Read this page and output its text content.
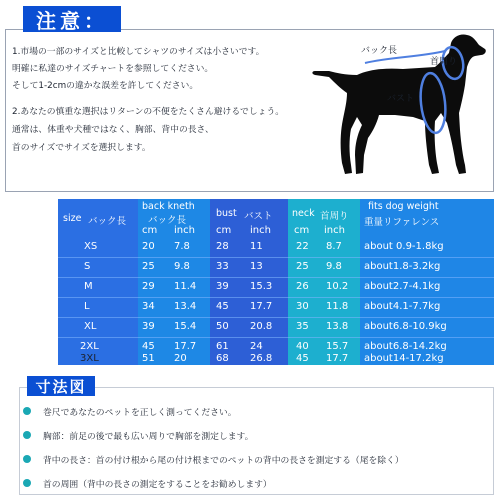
注意：
1.市場の一部のサイズと比較してシャツのサイズは小さいです。
明確に私達のサイズチャートを参照してください。
そして1-2cmの違かな誤差を許してください。
2.あなたの慎重な選択はリターンの不便をたくさん避けるでしょう。
通常は、体重や犬種ではなく、胸部、背中の長さ、
首のサイズでサイズを選択します。
バック長
首周り
バスト
size バック長
back kneth
バック長
bust バスト neck 首周り
fits dog weight
重量リファレンス
cm inch cm inch cm inch
XS	20 7.8	28 11	22 8.7 about 0.9-1.8kg
S	25 9.8	33 13	25 9.8 about1.8-3.2kg
M	29 11.4 39 15.3 26 10.2 about2.7-4.1kg
L	34 13.4 45 17.7 30 11.8 about4.1-7.7kg
XL	39 15.4 50 20.8 35 13.8 about6.8-10.9kg
2XL	45 17.7 61 24	40 15.7 about6.8-14.2kg
3XL	51 20	68 26.8 45 17.7 about14-17.2kg
寸法図
巻尺であなたのペットを正しく測ってください。
胸部：前足の後で最も広い周りで胸部を測定します。
背中の長さ：首の付け根から尾の付け根までのペットの背中の長さを測定する（尾を除く）
首の周囲（背中の長さの測定をすることをお勧めします）
